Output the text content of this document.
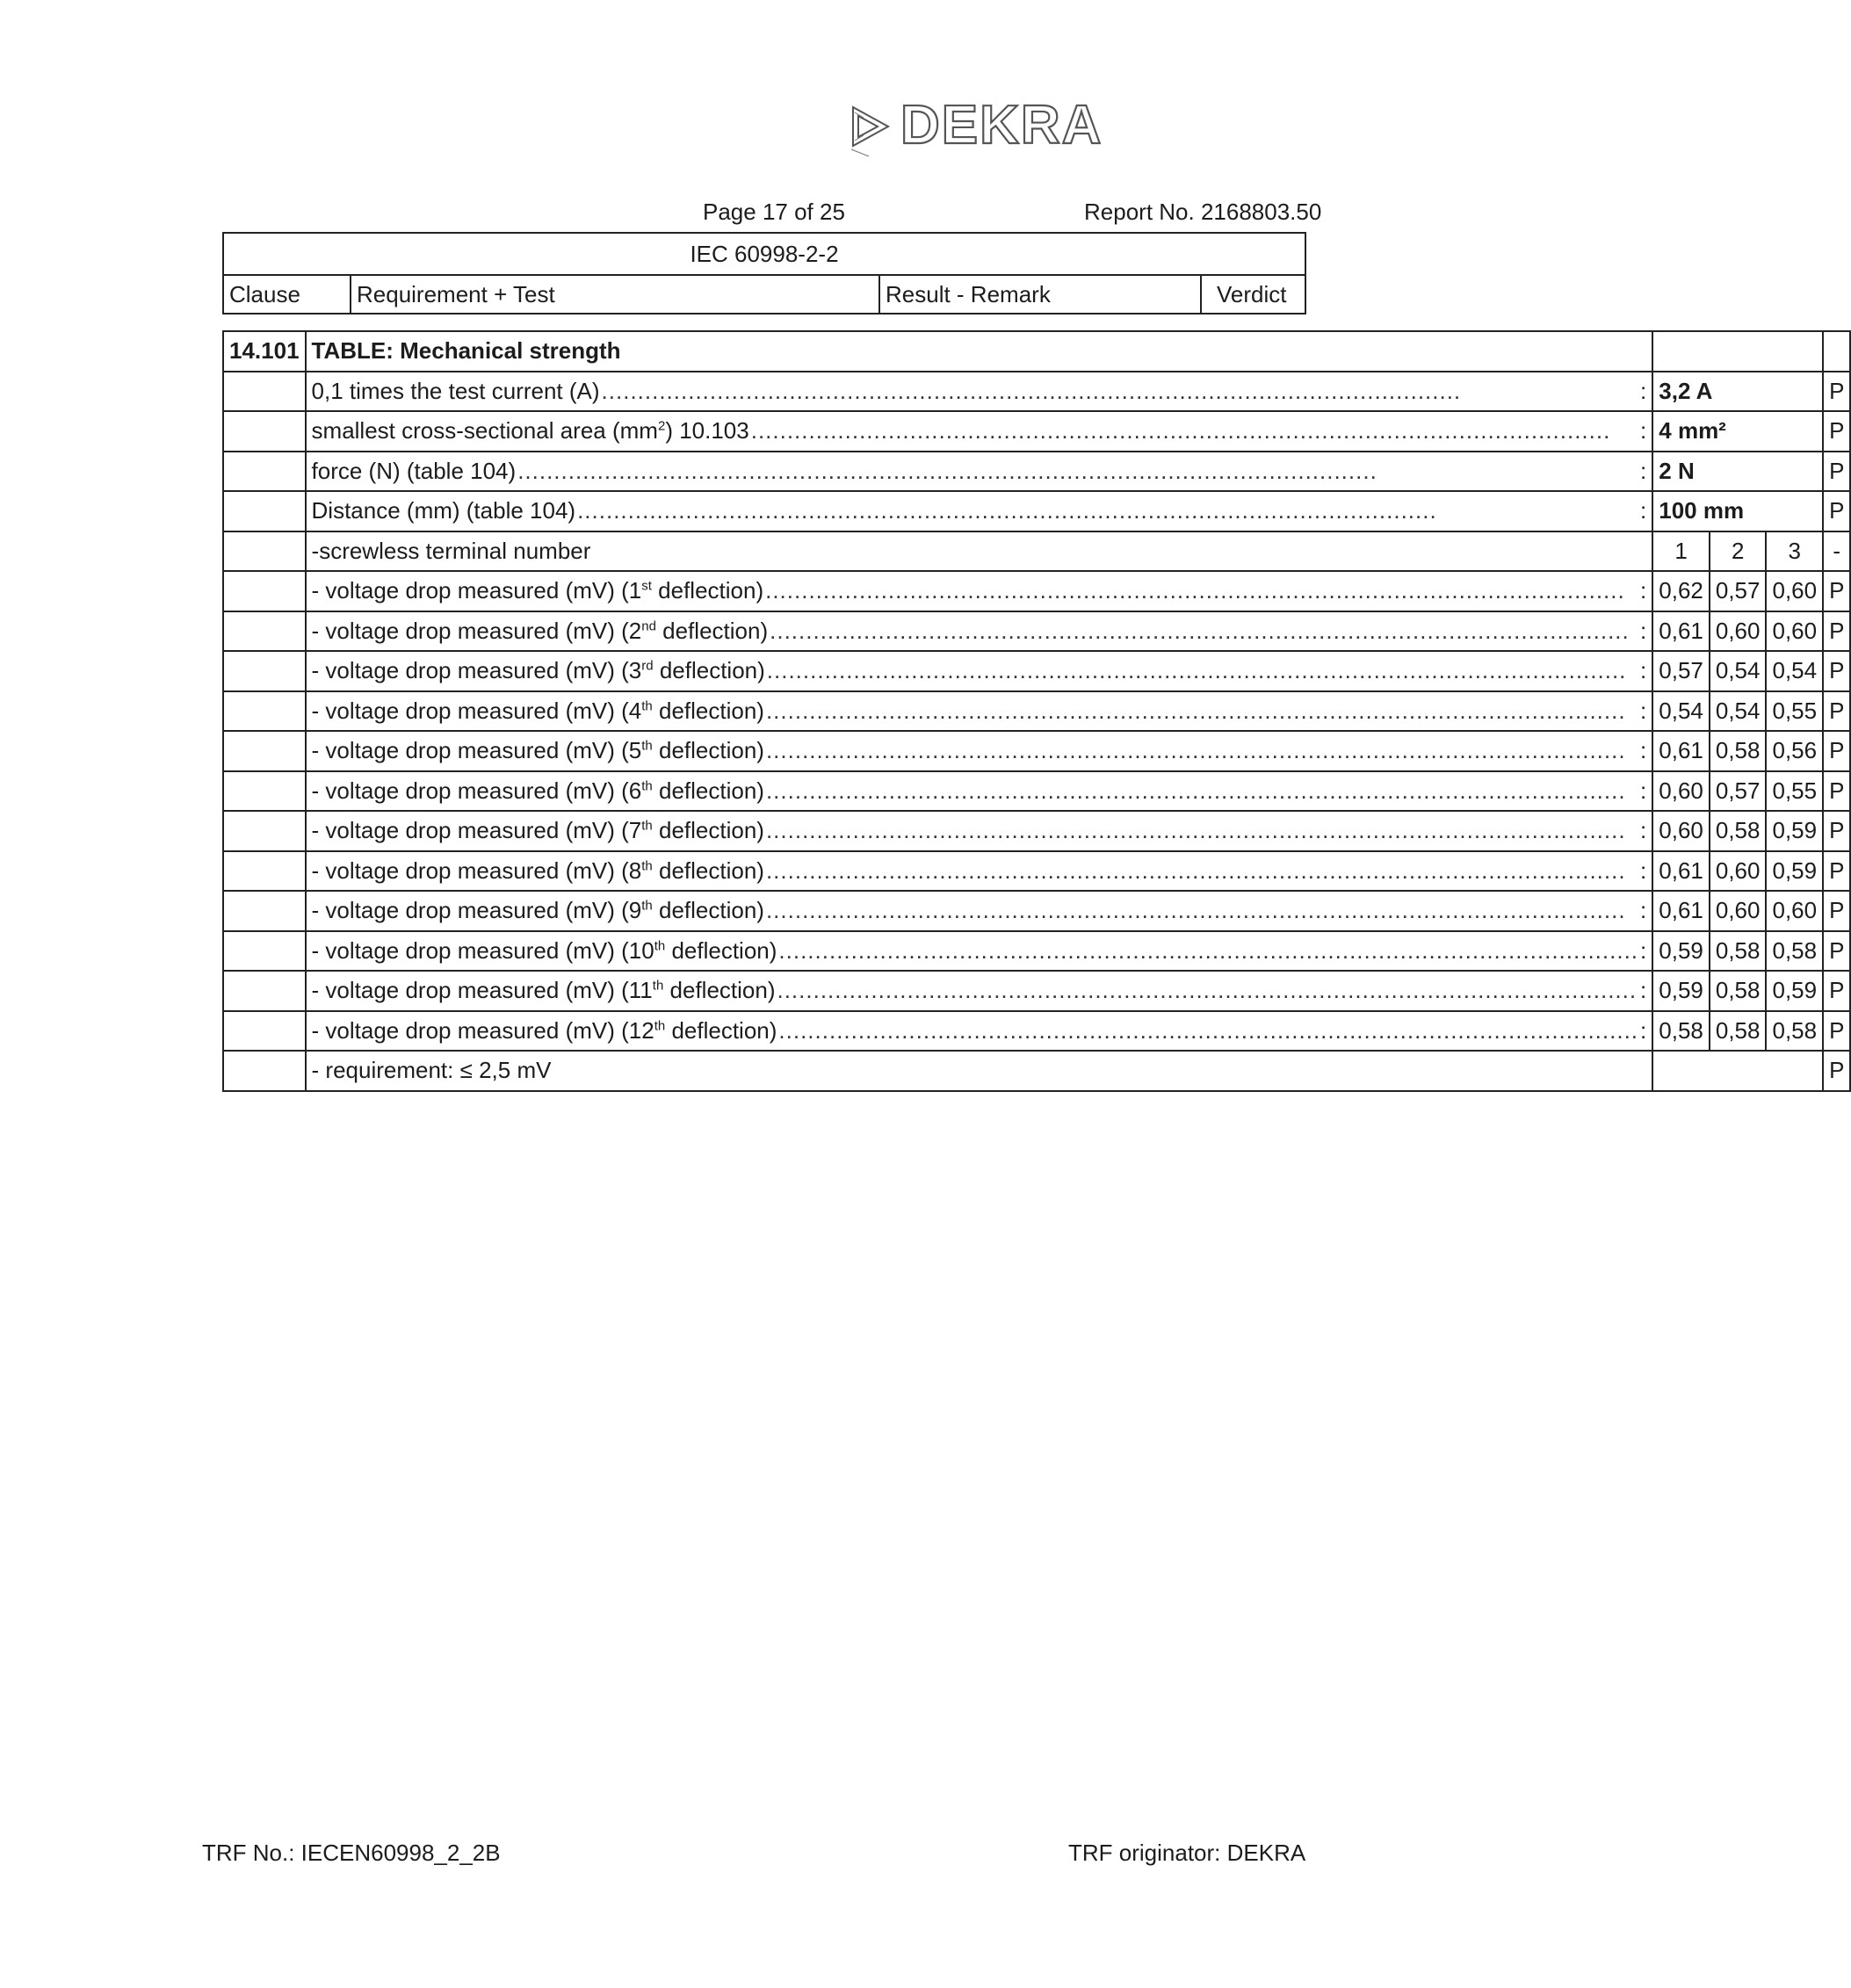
DEKRA
Page 17 of 25	Report No. 2168803.50
IEC 60998-2-2
Clause Requirement + Test	Result - Remark	Verdict
14.101	TABLE: Mechanical strength				

	0,1 times the test current (A) ..... :	3,2 A			P

	smallest cross-sectional area $(mm^2)$ 10.103 ..... :	4 mm²			P

	force (N) (table 104) ..... :	2 N			P

	Distance (mm) (table 104) ..... :	100 mm			P
	-screwless terminal number	1	2	3	-

	- voltage drop measured (mV) (1st deflection) ..... :	0,62	0,57	0,60	P

	- voltage drop measured (mV) (2nd deflection) ..... :	0,61	0,60	0,60	P

	- voltage drop measured (mV) (3rd deflection) ..... :	0,57	0,54	0,54	P

	- voltage drop measured (mV) (4th deflection) ..... :	0,54	0,54	0,55	P

	- voltage drop measured (mV) (5th deflection) ..... :	0,61	0,58	0,56	P

	- voltage drop measured (mV) (6th deflection) ..... :	0,60	0,57	0,55	P

	- voltage drop measured (mV) (7th deflection) ..... :	0,60	0,58	0,59	P

	- voltage drop measured (mV) (8th deflection) ..... :	0,61	0,60	0,59	P

	- voltage drop measured (mV) (9th deflection) ..... :	0,61	0,60	0,60	P

	- voltage drop measured (mV) (10th deflection) ..... :	0,59	0,58	0,58	P

	- voltage drop measured (mV) (11th deflection) ..... :	0,59	0,58	0,59	P

	- voltage drop measured (mV) (12th deflection) ..... :	0,58	0,58	0,58	P
	- requirement: ≤ 2,5 mV				P
TRF No.: IECEN60998_2_2B	TRF originator: DEKRA
